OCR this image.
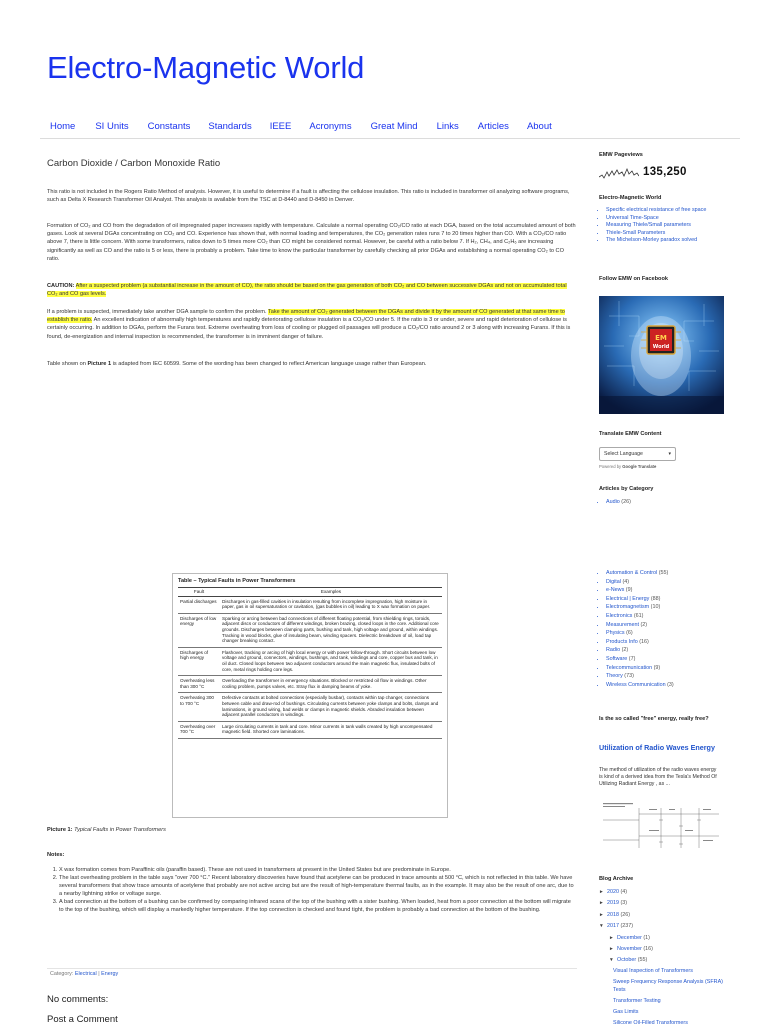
Electro-Magnetic World
Home SI Units Constants Standards IEEE Acronyms Great Mind Links Articles About
Carbon Dioxide / Carbon Monoxide Ratio

This ratio is not included in the Rogers Ratio Method of analysis. However, it is useful to determine if a fault is affecting the cellulose insulation. This ratio is included in transformer oil analyzing software programs, such as Delta X Research Transformer Oil Analyst. This analysis is available from the TSC at D-8440 and D-8450 in Denver.

Formation of CO₂ and CO from the degradation of oil impregnated paper increases rapidly with temperature. Calculate a normal operating CO₂/CO ratio at each DGA, based on the total accumulated amount of both gases. Look at several DGAs concentrating on CO₂ and CO. Experience has shown that, with normal loading and temperatures, the CO₂ generation rates runs 7 to 20 times higher than CO. With a CO₂/CO ratio above 7, there is little concern. With some transformers, ratios down to 5 times more CO₂ than CO might be considered normal. However, be careful with a ratio below 7. If H₂, CH₄, and C₂H₆ are increasing significantly as well as CO and the ratio is 5 or less, there is probably a problem. Take time to know the particular transformer by carefully checking all prior DGAs and establishing a normal operating CO₂ to CO ratio.

CAUTION: After a suspected problem (a substantial increase in the amount of CO), the ratio should be based on the gas generation of both CO₂ and CO between successive DGAs and not on accumulated total CO₂ and CO gas levels.

If a problem is suspected, immediately take another DGA sample to confirm the problem. Take the amount of CO₂ generated between the DGAs and divide it by the amount of CO generated at that same time to establish the ratio. An excellent indication of abnormally high temperatures and rapidly deteriorating cellulose insulation is a CO₂/CO under 5. If the ratio is 3 or under, severe and rapid deterioration of cellulose is certainly occurring. In addition to DGAs, perform the Furans test. Extreme overheating from loss of cooling or plugged oil passages will produce a CO₂/CO ratio around 2 or 3 along with increasing Furans. If this is found, de-energization and internal inspection is recommended, the transformer is in imminent danger of failure.

Table shown on Picture 1 is adapted from IEC 60599. Some of the wording has been changed to reflect American language usage rather than European.

Table – Typical Faults in Power Transformers
Fault	Examples
Partial discharges	Discharges in gas-filled cavities in insulation resulting from incomplete impregnation, high moisture in paper, gas in oil supersaturation or cavitation, (gas bubbles in oil) leading to X wax formation on paper.
Discharges of low energy	Sparking or arcing between bad connections of different floating potential, from shielding rings, toroids, adjacent discs or conductors of different windings, broken brazing, closed loops in the core. Additional core grounds. Discharges between clamping parts, bushing and tank, high voltage and ground, within windings. Tracking in wood blocks, glue of insulating beam, winding spacers. Dielectric breakdown of oil, load tap changer breaking contact.
Discharges of high energy	Flashover, tracking or arcing of high local energy or with power follow-through. Short circuits between low voltage and ground, connectors, windings, bushings, and tank, windings and core, copper bus and tank, in oil duct. Closed loops between two adjacent conductors around the main magnetic flux, insulated bolts of core, metal rings holding core legs.
Overheating less than 300 °C	Overloading the transformer in emergency situations. Blocked or restricted oil flow in windings. Other cooling problem, pumps valves, etc. Stray flux in damping beams of yoke.
Overheating 300 to 700 °C	Defective contacts at bolted connections (especially busbar), contacts within tap changer, connections between cable and draw-rod of bushings. Circulating currents between yoke clamps and bolts, clamps and laminations, in ground wiring, bad welds or clamps in magnetic shields. Abraded insulation between adjacent parallel conductors in windings.
Overheating over 700 °C	Large circulating currents in tank and core. Minor currents in tank walls created by high uncompensated magnetic field. Shorted core laminations.

Picture 1: Typical Faults in Power Transformers

Notes:

1. X wax formation comes from Paraffinic oils (paraffin based). These are not used in transformers at present in the United States but are predominate in Europe.
2. The last overheating problem in the table says "over 700 °C." Recent laboratory discoveries have found that acetylene can be produced in trace amounts at 500 °C, which is not reflected in this table. We have several transformers that show trace amounts of acetylene that probably are not active arcing but are the result of high-temperature thermal faults, as in the example. It may also be the result of one arc, due to a nearby lightning strike or voltage surge.
3. A bad connection at the bottom of a bushing can be confirmed by comparing infrared scans of the top of the bushing with a sister bushing. When loaded, heat from a poor connection at the bottom will migrate to the top of the bushing, which will display a markedly higher temperature. If the top connection is checked and found tight, the problem is probably a bad connection at the bottom of the bushing.
Category: Electrical | Energy
No comments:
Post a Comment

EMW Pageviews

135,250

Electro-Magnetic World

• Specific electrical resistance of free space
• Universal Time-Space
• Measuring Thiele/Small parameters
• Thiele-Small Parameters
• The Michelson-Morley paradox solved

Follow EMW on Facebook

EM
World

Translate EMW Content

Select Language	▾
Powered by Google Translate

Articles by Category

• Audio (26)
• Automation & Control (55)
• Digital (4)
• e-News (9)
• Electrical | Energy (88)
• Electromagnetism (10)
• Electronics (61)
• Measurement (2)
• Physics (6)
• Products Info (16)
• Radio (2)
• Software (7)
• Telecommunication (9)
• Theory (73)
• Wireless Communication (3)

Is the so called "free" energy, really free?

Utilization of Radio Waves Energy

The method of utilization of the radio waves energy is kind of a derived idea from the Tesla's Method Of Utilizing Radiant Energy , as ...

Blog Archive

► 2020 (4)
► 2019 (3)
► 2018 (26)
▼ 2017 (237)
► December (1)
► November (16)
▼ October (55)
Visual Inspection of Transformers
Sweep Frequency Response Analysis (SFRA) Tests
Transformer Testing
Gas Limits
Silicone Oil-Filled Transformers
